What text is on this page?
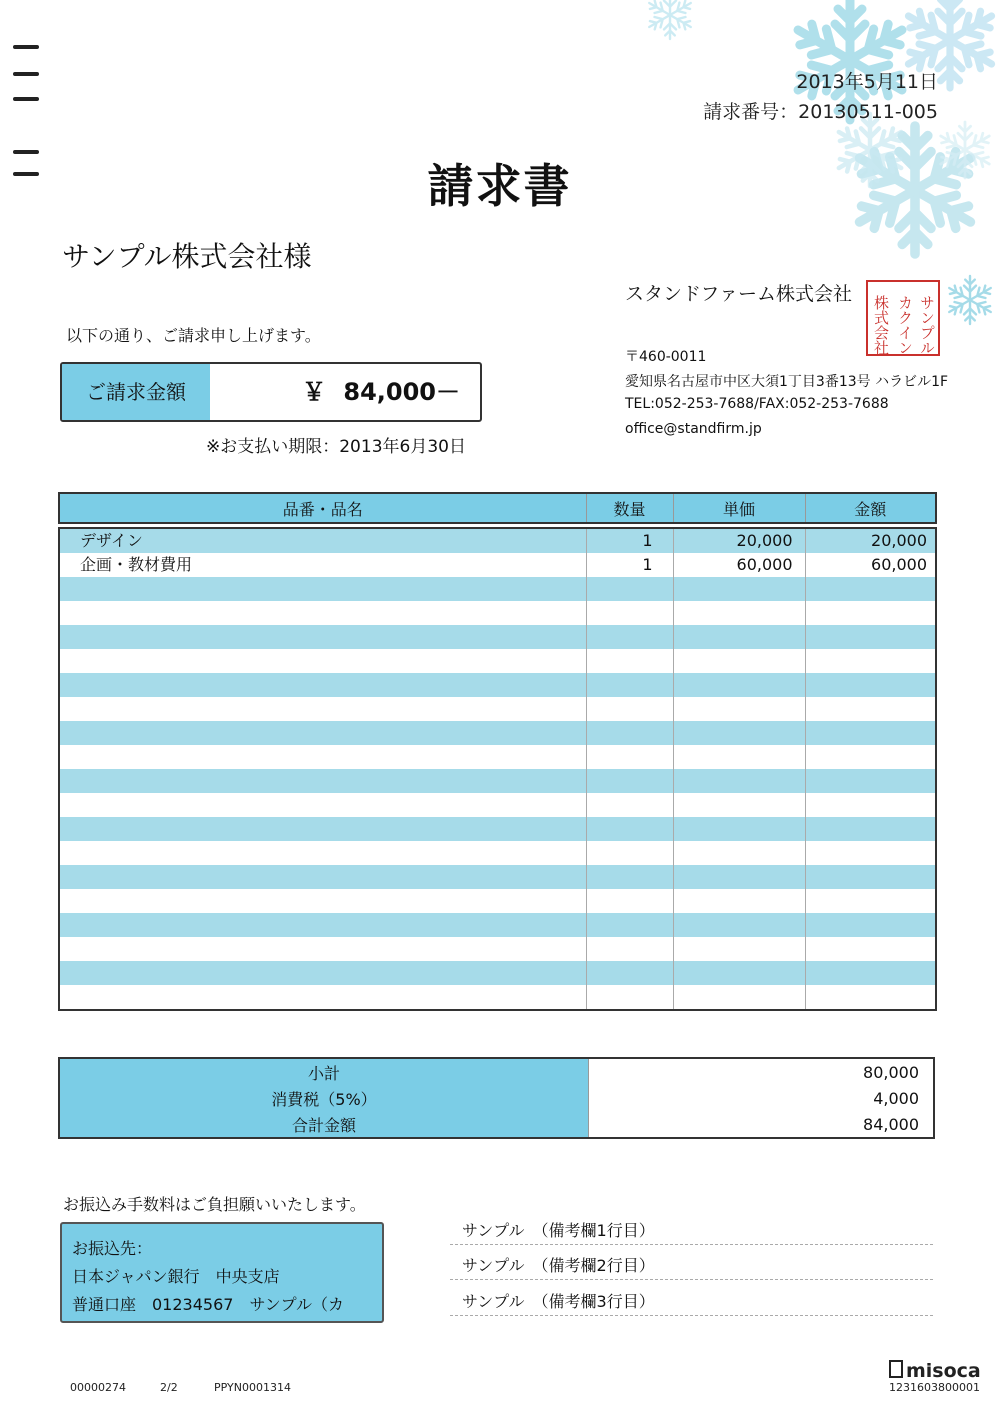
2013年5月11日
請求番号：20130511-005
請求書
サンプル株式会社様
以下の通り、ご請求申し上げます。
ご請求金額	￥ 84,000－
※お支払い期限：2013年6月30日
スタンドファーム株式会社
サンプル
カクイン
株式会社
〒460-0011
愛知県名古屋市中区大須1丁目3番13号 ハラビル1F
TEL:052-253-7688/FAX:052-253-7688
office@standfirm.jp
品番・品名	数量	単価	金額
デザイン	1	20,000	20,000
企画・教材費用	1	60,000	60,000

小計	80,000
消費税（5%）	4,000
合計金額	84,000
お振込み手数料はご負担願いいたします。
お振込先：
日本ジャパン銀行　中央支店
普通口座　01234567　サンプル（カ
サンプル　（備考欄1行目）
サンプル　（備考欄2行目）
サンプル　（備考欄3行目）
00000274	2/2	PPYN0001314
misoca
1231603800001
